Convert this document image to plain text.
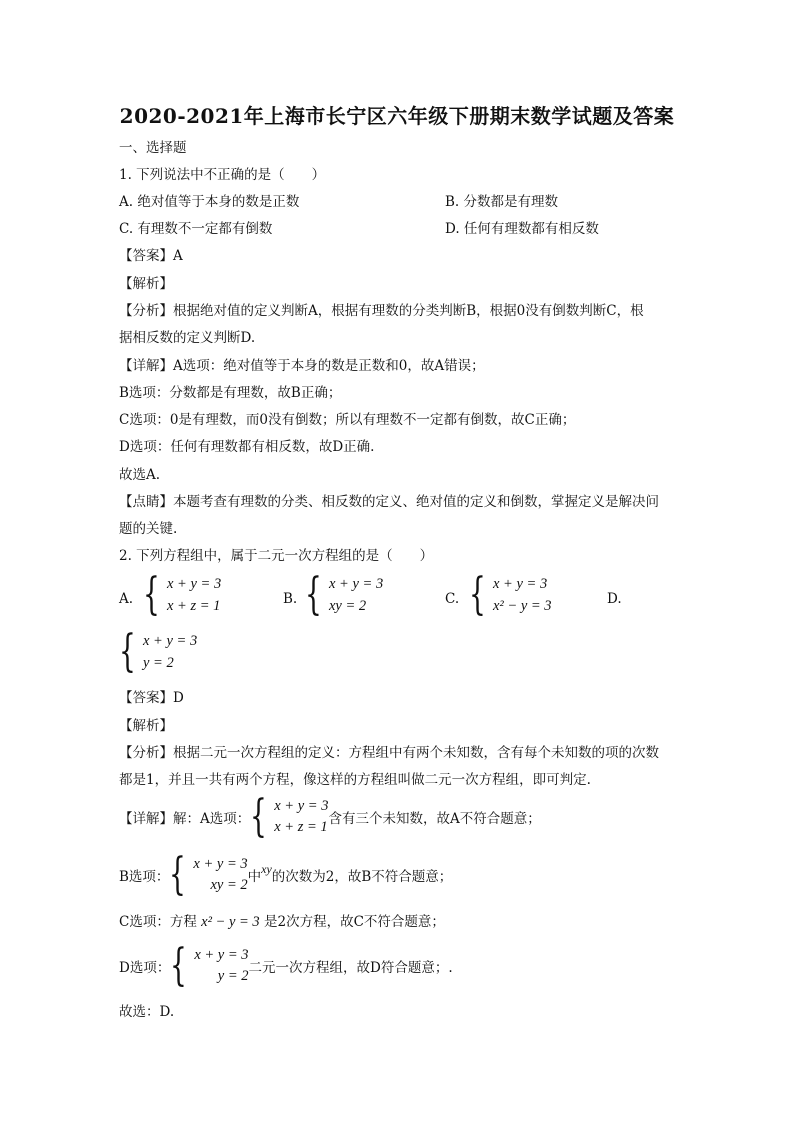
2020-2021年上海市长宁区六年级下册期末数学试题及答案
一、选择题
1. 下列说法中不正确的是（　　）
A. 绝对值等于本身的数是正数	B. 分数都是有理数
C. 有理数不一定都有倒数	D. 任何有理数都有相反数
【答案】A
【解析】
【分析】根据绝对值的定义判断A，根据有理数的分类判断B，根据0没有倒数判断C，根
据相反数的定义判断D.
【详解】A选项：绝对值等于本身的数是正数和0，故A错误；
B选项：分数都是有理数，故B正确；
C选项：0是有理数，而0没有倒数；所以有理数不一定都有倒数，故C正确；
D选项：任何有理数都有相反数，故D正确.
故选A.
【点睛】本题考查有理数的分类、相反数的定义、绝对值的定义和倒数，掌握定义是解决问
题的关键.
2. 下列方程组中，属于二元一次方程组的是（　　）
A. { x + y = 3
x + z = 1	B. { x + y = 3
xy = 2	C. { x + y = 3
x² − y = 3	D.
{ x + y = 3
y = 2
【答案】D
【解析】
【分析】根据二元一次方程组的定义：方程组中有两个未知数，含有每个未知数的项的次数
都是1，并且一共有两个方程，像这样的方程组叫做二元一次方程组，即可判定.
【详解】解：A选项： { x + y = 3
x + z = 1 含有三个未知数，故A不符合题意；
B选项： { x + y = 3
xy = 2 中
xy
的次数为2，故B不符合题意；
C选项：方程 x² − y = 3 是2次方程，故C不符合题意；
D选项： { x + y = 3
y = 2 二元一次方程组，故D符合题意；.
故选：D.
